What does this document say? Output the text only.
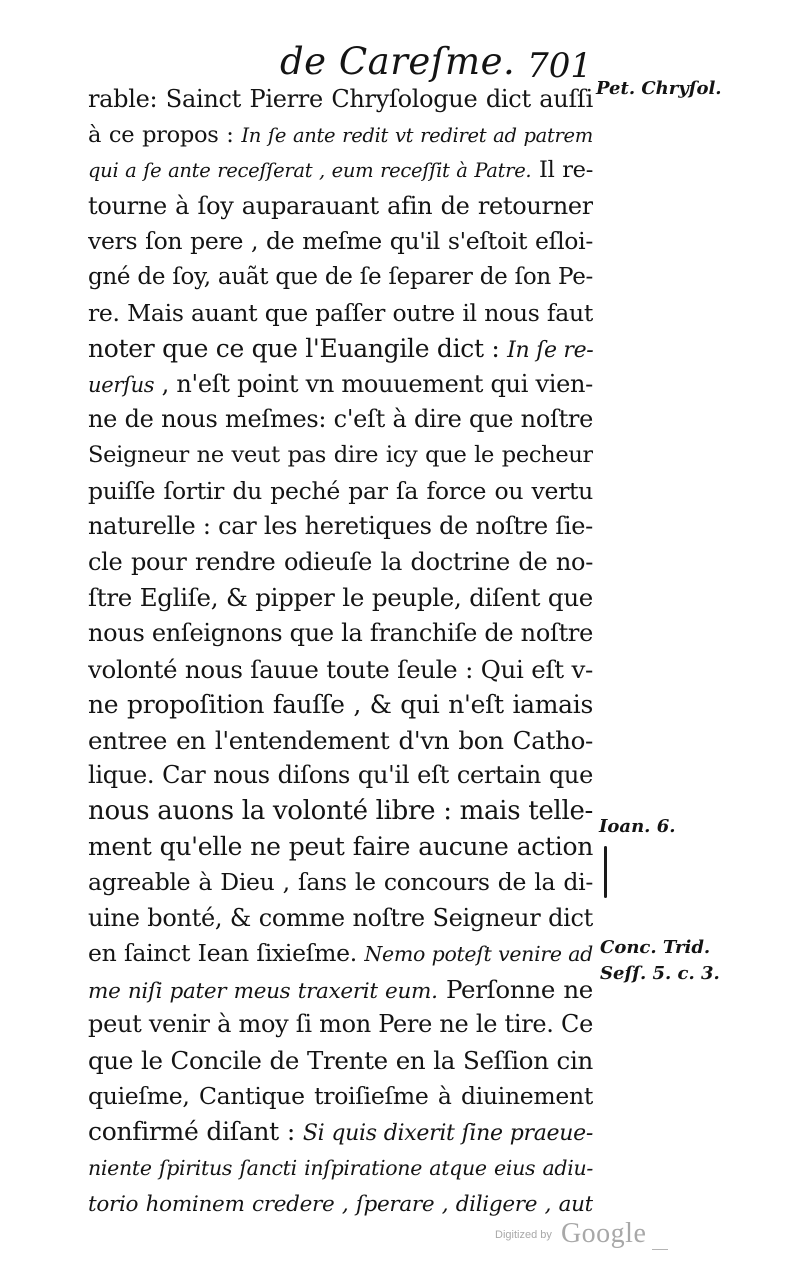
de Careſme. 701
Pet. Chryſol.
Ioan. 6.
Conc. Trid.
Seſſ. 5. c. 3.
rable: Sainct Pierre Chryſologue dict auſſi
à ce propos : In ſe ante redit vt rediret ad patrem
qui a ſe ante receſſerat , eum receſſit à Patre. Il re-
tourne à ſoy auparauant afin de retourner
vers ſon pere , de meſme qu'il s'eſtoit eſloi-
gné de ſoy, auãt que de ſe ſeparer de ſon Pe-
re. Mais auant que paſſer outre il nous faut
noter que ce que l'Euangile dict : In ſe re-
uerſus , n'eſt point vn mouuement qui vien-
ne de nous meſmes: c'eſt à dire que noſtre
Seigneur ne veut pas dire icy que le pecheur
puiſſe ſortir du peché par ſa force ou vertu
naturelle : car les heretiques de noſtre ſie-
cle pour rendre odieuſe la doctrine de no-
ſtre Egliſe, & pipper le peuple, diſent que
nous enſeignons que la franchiſe de noſtre
volonté nous ſauue toute ſeule : Qui eſt v-
ne propoſition fauſſe , & qui n'eſt iamais
entree en l'entendement d'vn bon Catho-
lique. Car nous diſons qu'il eſt certain que
nous auons la volonté libre : mais telle-
ment qu'elle ne peut faire aucune action
agreable à Dieu , ſans le concours de la di-
uine bonté, & comme noſtre Seigneur dict
en ſainct Iean ſixieſme. Nemo poteſt venire ad
me niſi pater meus traxerit eum. Perſonne ne
peut venir à moy ſi mon Pere ne le tire. Ce
que le Concile de Trente en la Seſſion cin
quieſme, Cantique troiſieſme à diuinement
confirmé diſant : Si quis dixerit ſine praeue-
niente ſpiritus ſancti inſpiratione atque eius adiu-
torio hominem credere , ſperare , diligere , aut
$^{Digitized by}$ Google
